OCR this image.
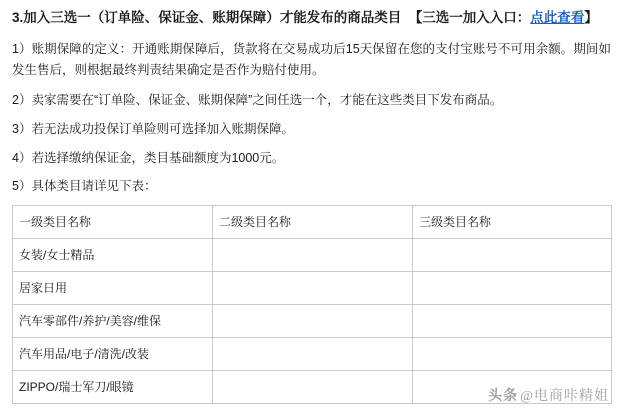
3.加入三选一（订单险、保证金、账期保障）才能发布的商品类目 【三选一加入入口：点此查看】

1）账期保障的定义：开通账期保障后，货款将在交易成功后15天保留在您的支付宝账号不可用余额。期间如发生售后，则根据最终判责结果确定是否作为赔付使用。

2）卖家需要在“订单险、保证金、账期保障”之间任选一个，才能在这些类目下发布商品。

3）若无法成功投保订单险则可选择加入账期保障。

4）若选择缴纳保证金，类目基础额度为1000元。

5）具体类目请详见下表：

一级类目名称	二级类目名称	三级类目名称
女装/女士精品		
居家日用		
汽车零部件/养护/美容/维保		
汽车用品/电子/清洗/改装		
ZIPPO/瑞士军刀/眼镜			头条 @电商咔精姐
